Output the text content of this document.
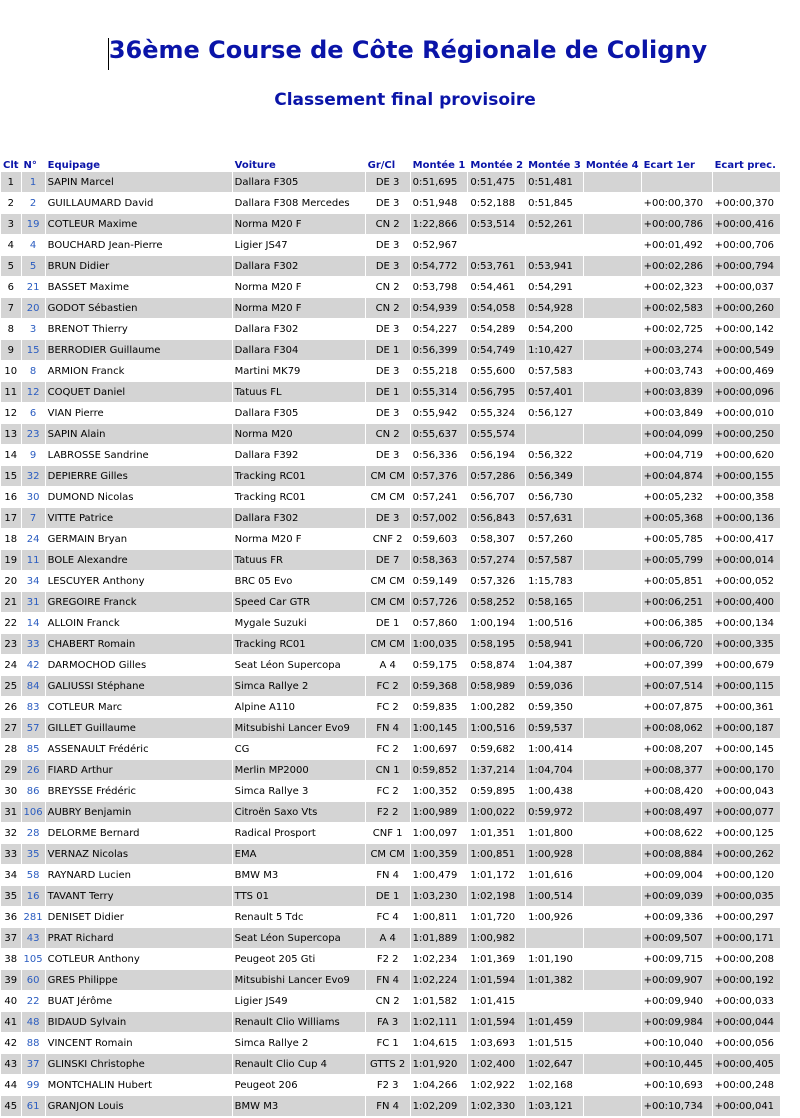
36ème Course de Côte Régionale de Coligny
Classement final provisoire
Clt	N°	Equipage	Voiture	Gr/Cl	Montée 1	Montée 2	Montée 3	Montée 4	Ecart 1er	Ecart prec.
1	1	SAPIN Marcel	Dallara F305	DE 3	0:51,695	0:51,475	0:51,481			
2	2	GUILLAUMARD David	Dallara F308 Mercedes	DE 3	0:51,948	0:52,188	0:51,845		+00:00,370	+00:00,370
3	19	COTLEUR Maxime	Norma M20 F	CN 2	1:22,866	0:53,514	0:52,261		+00:00,786	+00:00,416
4	4	BOUCHARD Jean-Pierre	Ligier JS47	DE 3	0:52,967				+00:01,492	+00:00,706
5	5	BRUN Didier	Dallara F302	DE 3	0:54,772	0:53,761	0:53,941		+00:02,286	+00:00,794
6	21	BASSET Maxime	Norma M20 F	CN 2	0:53,798	0:54,461	0:54,291		+00:02,323	+00:00,037
7	20	GODOT Sébastien	Norma M20 F	CN 2	0:54,939	0:54,058	0:54,928		+00:02,583	+00:00,260
8	3	BRENOT Thierry	Dallara F302	DE 3	0:54,227	0:54,289	0:54,200		+00:02,725	+00:00,142
9	15	BERRODIER Guillaume	Dallara F304	DE 1	0:56,399	0:54,749	1:10,427		+00:03,274	+00:00,549
10	8	ARMION Franck	Martini MK79	DE 3	0:55,218	0:55,600	0:57,583		+00:03,743	+00:00,469
11	12	COQUET Daniel	Tatuus FL	DE 1	0:55,314	0:56,795	0:57,401		+00:03,839	+00:00,096
12	6	VIAN Pierre	Dallara F305	DE 3	0:55,942	0:55,324	0:56,127		+00:03,849	+00:00,010
13	23	SAPIN Alain	Norma M20	CN 2	0:55,637	0:55,574			+00:04,099	+00:00,250
14	9	LABROSSE Sandrine	Dallara F392	DE 3	0:56,336	0:56,194	0:56,322		+00:04,719	+00:00,620
15	32	DEPIERRE Gilles	Tracking RC01	CM CM	0:57,376	0:57,286	0:56,349		+00:04,874	+00:00,155
16	30	DUMOND Nicolas	Tracking RC01	CM CM	0:57,241	0:56,707	0:56,730		+00:05,232	+00:00,358
17	7	VITTE Patrice	Dallara F302	DE 3	0:57,002	0:56,843	0:57,631		+00:05,368	+00:00,136
18	24	GERMAIN Bryan	Norma M20 F	CNF 2	0:59,603	0:58,307	0:57,260		+00:05,785	+00:00,417
19	11	BOLE Alexandre	Tatuus FR	DE 7	0:58,363	0:57,274	0:57,587		+00:05,799	+00:00,014
20	34	LESCUYER Anthony	BRC 05 Evo	CM CM	0:59,149	0:57,326	1:15,783		+00:05,851	+00:00,052
21	31	GREGOIRE Franck	Speed Car GTR	CM CM	0:57,726	0:58,252	0:58,165		+00:06,251	+00:00,400
22	14	ALLOIN Franck	Mygale Suzuki	DE 1	0:57,860	1:00,194	1:00,516		+00:06,385	+00:00,134
23	33	CHABERT Romain	Tracking RC01	CM CM	1:00,035	0:58,195	0:58,941		+00:06,720	+00:00,335
24	42	DARMOCHOD Gilles	Seat Léon Supercopa	A 4	0:59,175	0:58,874	1:04,387		+00:07,399	+00:00,679
25	84	GALIUSSI Stéphane	Simca Rallye 2	FC 2	0:59,368	0:58,989	0:59,036		+00:07,514	+00:00,115
26	83	COTLEUR Marc	Alpine A110	FC 2	0:59,835	1:00,282	0:59,350		+00:07,875	+00:00,361
27	57	GILLET Guillaume	Mitsubishi Lancer Evo9	FN 4	1:00,145	1:00,516	0:59,537		+00:08,062	+00:00,187
28	85	ASSENAULT Frédéric	CG	FC 2	1:00,697	0:59,682	1:00,414		+00:08,207	+00:00,145
29	26	FIARD Arthur	Merlin MP2000	CN 1	0:59,852	1:37,214	1:04,704		+00:08,377	+00:00,170
30	86	BREYSSE Frédéric	Simca Rallye 3	FC 2	1:00,352	0:59,895	1:00,438		+00:08,420	+00:00,043
31	106	AUBRY Benjamin	Citroën Saxo Vts	F2 2	1:00,989	1:00,022	0:59,972		+00:08,497	+00:00,077
32	28	DELORME Bernard	Radical Prosport	CNF 1	1:00,097	1:01,351	1:01,800		+00:08,622	+00:00,125
33	35	VERNAZ Nicolas	EMA	CM CM	1:00,359	1:00,851	1:00,928		+00:08,884	+00:00,262
34	58	RAYNARD Lucien	BMW M3	FN 4	1:00,479	1:01,172	1:01,616		+00:09,004	+00:00,120
35	16	TAVANT Terry	TTS 01	DE 1	1:03,230	1:02,198	1:00,514		+00:09,039	+00:00,035
36	281	DENISET Didier	Renault 5 Tdc	FC 4	1:00,811	1:01,720	1:00,926		+00:09,336	+00:00,297
37	43	PRAT Richard	Seat Léon Supercopa	A 4	1:01,889	1:00,982			+00:09,507	+00:00,171
38	105	COTLEUR Anthony	Peugeot 205 Gti	F2 2	1:02,234	1:01,369	1:01,190		+00:09,715	+00:00,208
39	60	GRES Philippe	Mitsubishi Lancer Evo9	FN 4	1:02,224	1:01,594	1:01,382		+00:09,907	+00:00,192
40	22	BUAT Jérôme	Ligier JS49	CN 2	1:01,582	1:01,415			+00:09,940	+00:00,033
41	48	BIDAUD Sylvain	Renault Clio Williams	FA 3	1:02,111	1:01,594	1:01,459		+00:09,984	+00:00,044
42	88	VINCENT Romain	Simca Rallye 2	FC 1	1:04,615	1:03,693	1:01,515		+00:10,040	+00:00,056
43	37	GLINSKI Christophe	Renault Clio Cup 4	GTTS 2	1:01,920	1:02,400	1:02,647		+00:10,445	+00:00,405
44	99	MONTCHALIN Hubert	Peugeot 206	F2 3	1:04,266	1:02,922	1:02,168		+00:10,693	+00:00,248
45	61	GRANJON Louis	BMW M3	FN 4	1:02,209	1:02,330	1:03,121		+00:10,734	+00:00,041
